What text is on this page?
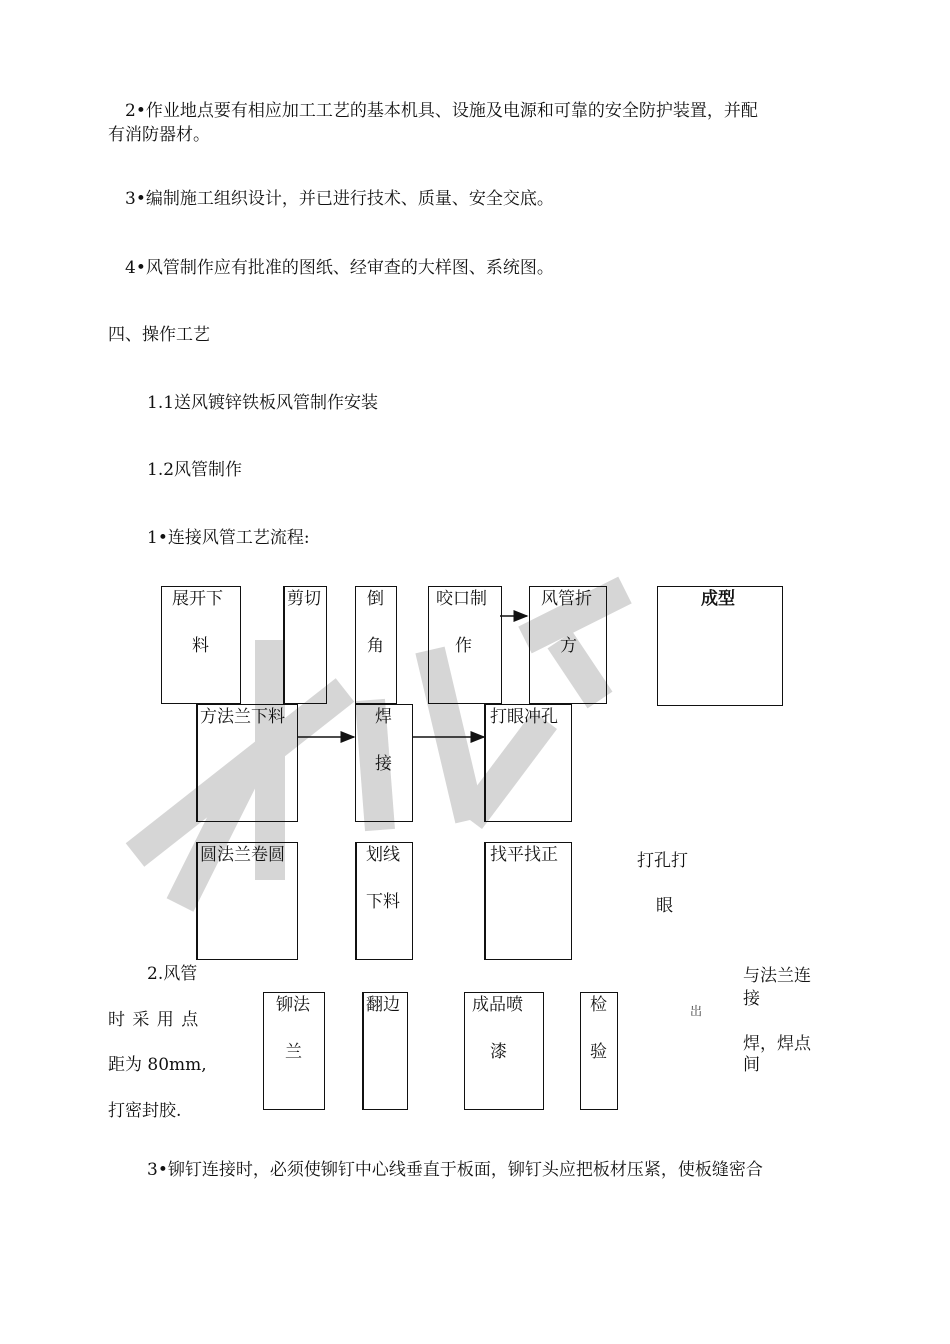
2•作业地点要有相应加工工艺的基本机具、设施及电源和可靠的安全防护装置，并配
有消防器材。
3•编制施工组织设计，并已进行技术、质量、安全交底。
4•风管制作应有批准的图纸、经审查的大样图、系统图。
四、操作工艺
1.1送风镀锌铁板风管制作安装
1.2风管制作
1•连接风管工艺流程:
展开下
料
剪切	倒
角
咬口制
作
风管折
方
成型
方法兰下料	焊
接
打眼冲孔
圆法兰卷圆	划线
下料
找平找正	打孔打
眼
2.风管
时 采 用 点
距为 80mm,
打密封胶.
铆法
兰
翻边	成品喷
漆
检
验
岀
与法兰连
接
焊，焊点
间
3•铆钉连接时，必须使铆钉中心线垂直于板面，铆钉头应把板材压紧，使板缝密合
